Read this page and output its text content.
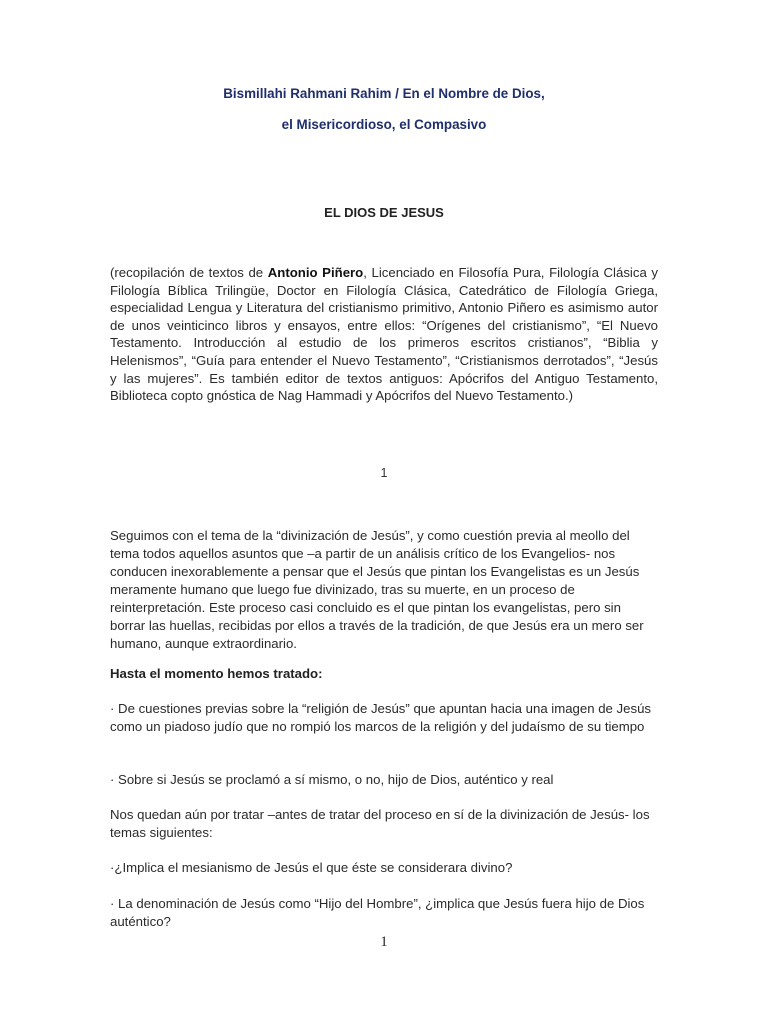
Bismillahi Rahmani Rahim / En el Nombre de Dios,
el Misericordioso, el Compasivo
EL DIOS DE JESUS
(recopilación de textos de Antonio Piñero, Licenciado en Filosofía Pura, Filología Clásica y Filología Bíblica Trilingüe, Doctor en Filología Clásica, Catedrático de Filología Griega, especialidad Lengua y Literatura del cristianismo primitivo, Antonio Piñero es asimismo autor de unos veinticinco libros y ensayos, entre ellos: “Orígenes del cristianismo”, “El Nuevo Testamento. Introducción al estudio de los primeros escritos cristianos”, “Biblia y Helenismos”, “Guía para entender el Nuevo Testamento”, “Cristianismos derrotados”, “Jesús y las mujeres”. Es también editor de textos antiguos: Apócrifos del Antiguo Testamento, Biblioteca copto gnóstica de Nag Hammadi y Apócrifos del Nuevo Testamento.)
1
Seguimos con el tema de la “divinización de Jesús”, y como cuestión previa al meollo del tema todos aquellos asuntos que –a partir de un análisis crítico de los Evangelios- nos conducen inexorablemente a pensar que el Jesús que pintan los Evangelistas es un Jesús meramente humano que luego fue divinizado, tras su muerte, en un proceso de reinterpretación. Este proceso casi concluido es el que pintan los evangelistas, pero sin borrar las huellas, recibidas por ellos a través de la tradición, de que Jesús era un mero ser humano, aunque extraordinario.
Hasta el momento hemos tratado:
· De cuestiones previas sobre la “religión de Jesús” que apuntan hacia una imagen de Jesús como un piadoso judío que no rompió los marcos de la religión y del judaísmo de su tiempo
· Sobre si Jesús se proclamó a sí mismo, o no, hijo de Dios, auténtico y real
Nos quedan aún por tratar –antes de tratar del proceso en sí de la divinización de Jesús- los temas siguientes:
·¿Implica el mesianismo de Jesús el que éste se considerara divino?
· La denominación de Jesús como “Hijo del Hombre”, ¿implica que Jesús fuera hijo de Dios auténtico?
1
